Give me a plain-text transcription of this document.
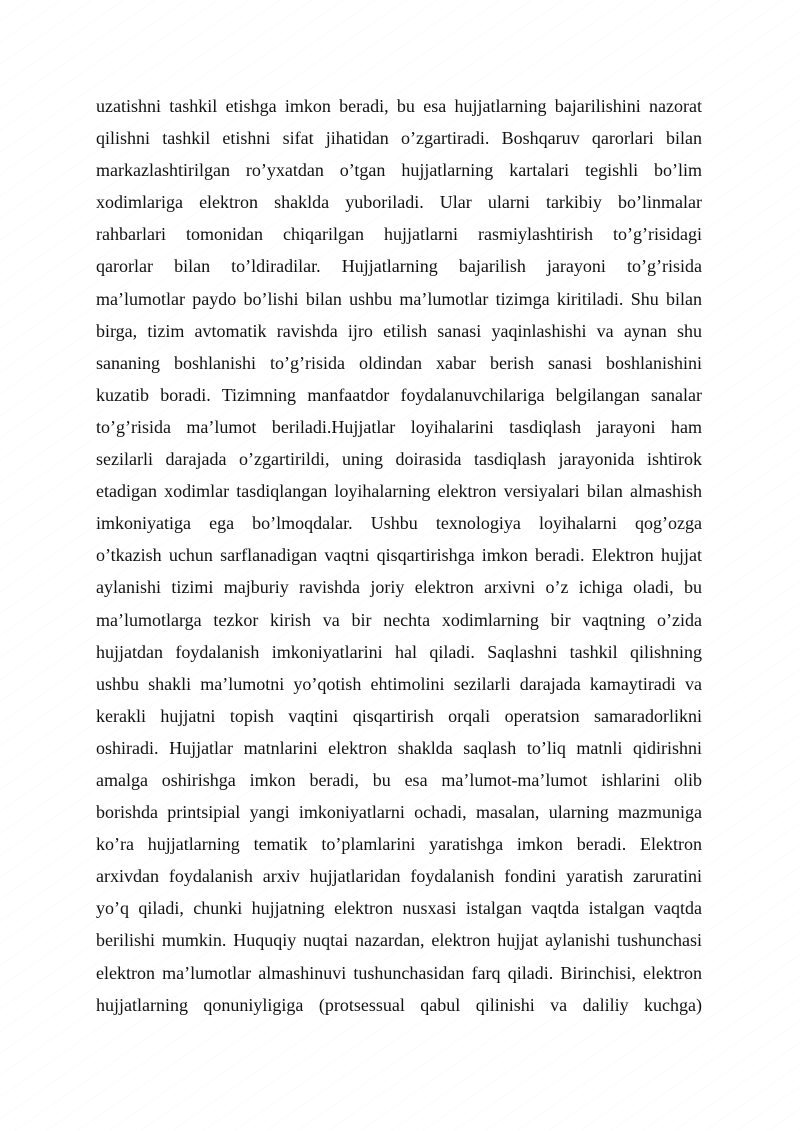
uzatishni tashkil etishga imkon beradi, bu esa hujjatlarning bajarilishini nazorat
qilishni tashkil etishni sifat jihatidan o’zgartiradi. Boshqaruv qarorlari bilan
markazlashtirilgan ro’yxatdan o’tgan hujjatlarning kartalari tegishli bo’lim
xodimlariga elektron shaklda yuboriladi. Ular ularni tarkibiy bo’linmalar
rahbarlari tomonidan chiqarilgan hujjatlarni rasmiylashtirish to’g’risidagi
qarorlar bilan to’ldiradilar. Hujjatlarning bajarilish jarayoni to’g’risida
ma’lumotlar paydo bo’lishi bilan ushbu ma’lumotlar tizimga kiritiladi. Shu bilan
birga, tizim avtomatik ravishda ijro etilish sanasi yaqinlashishi va aynan shu
sananing boshlanishi to’g’risida oldindan xabar berish sanasi boshlanishini
kuzatib boradi. Tizimning manfaatdor foydalanuvchilariga belgilangan sanalar
to’g’risida ma’lumot beriladi.Hujjatlar loyihalarini tasdiqlash jarayoni ham
sezilarli darajada o’zgartirildi, uning doirasida tasdiqlash jarayonida ishtirok
etadigan xodimlar tasdiqlangan loyihalarning elektron versiyalari bilan almashish
imkoniyatiga ega bo’lmoqdalar. Ushbu texnologiya loyihalarni qog’ozga
o’tkazish uchun sarflanadigan vaqtni qisqartirishga imkon beradi. Elektron hujjat
aylanishi tizimi majburiy ravishda joriy elektron arxivni o’z ichiga oladi, bu
ma’lumotlarga tezkor kirish va bir nechta xodimlarning bir vaqtning o’zida
hujjatdan foydalanish imkoniyatlarini hal qiladi. Saqlashni tashkil qilishning
ushbu shakli ma’lumotni yo’qotish ehtimolini sezilarli darajada kamaytiradi va
kerakli hujjatni topish vaqtini qisqartirish orqali operatsion samaradorlikni
oshiradi. Hujjatlar matnlarini elektron shaklda saqlash to’liq matnli qidirishni
amalga oshirishga imkon beradi, bu esa ma’lumot-ma’lumot ishlarini olib
borishda printsipial yangi imkoniyatlarni ochadi, masalan, ularning mazmuniga
ko’ra hujjatlarning tematik to’plamlarini yaratishga imkon beradi. Elektron
arxivdan foydalanish arxiv hujjatlaridan foydalanish fondini yaratish zaruratini
yo’q qiladi, chunki hujjatning elektron nusxasi istalgan vaqtda istalgan vaqtda
berilishi mumkin. Huquqiy nuqtai nazardan, elektron hujjat aylanishi tushunchasi
elektron ma’lumotlar almashinuvi tushunchasidan farq qiladi. Birinchisi, elektron
hujjatlarning qonuniyligiga (protsessual qabul qilinishi va daliliy kuchga)
